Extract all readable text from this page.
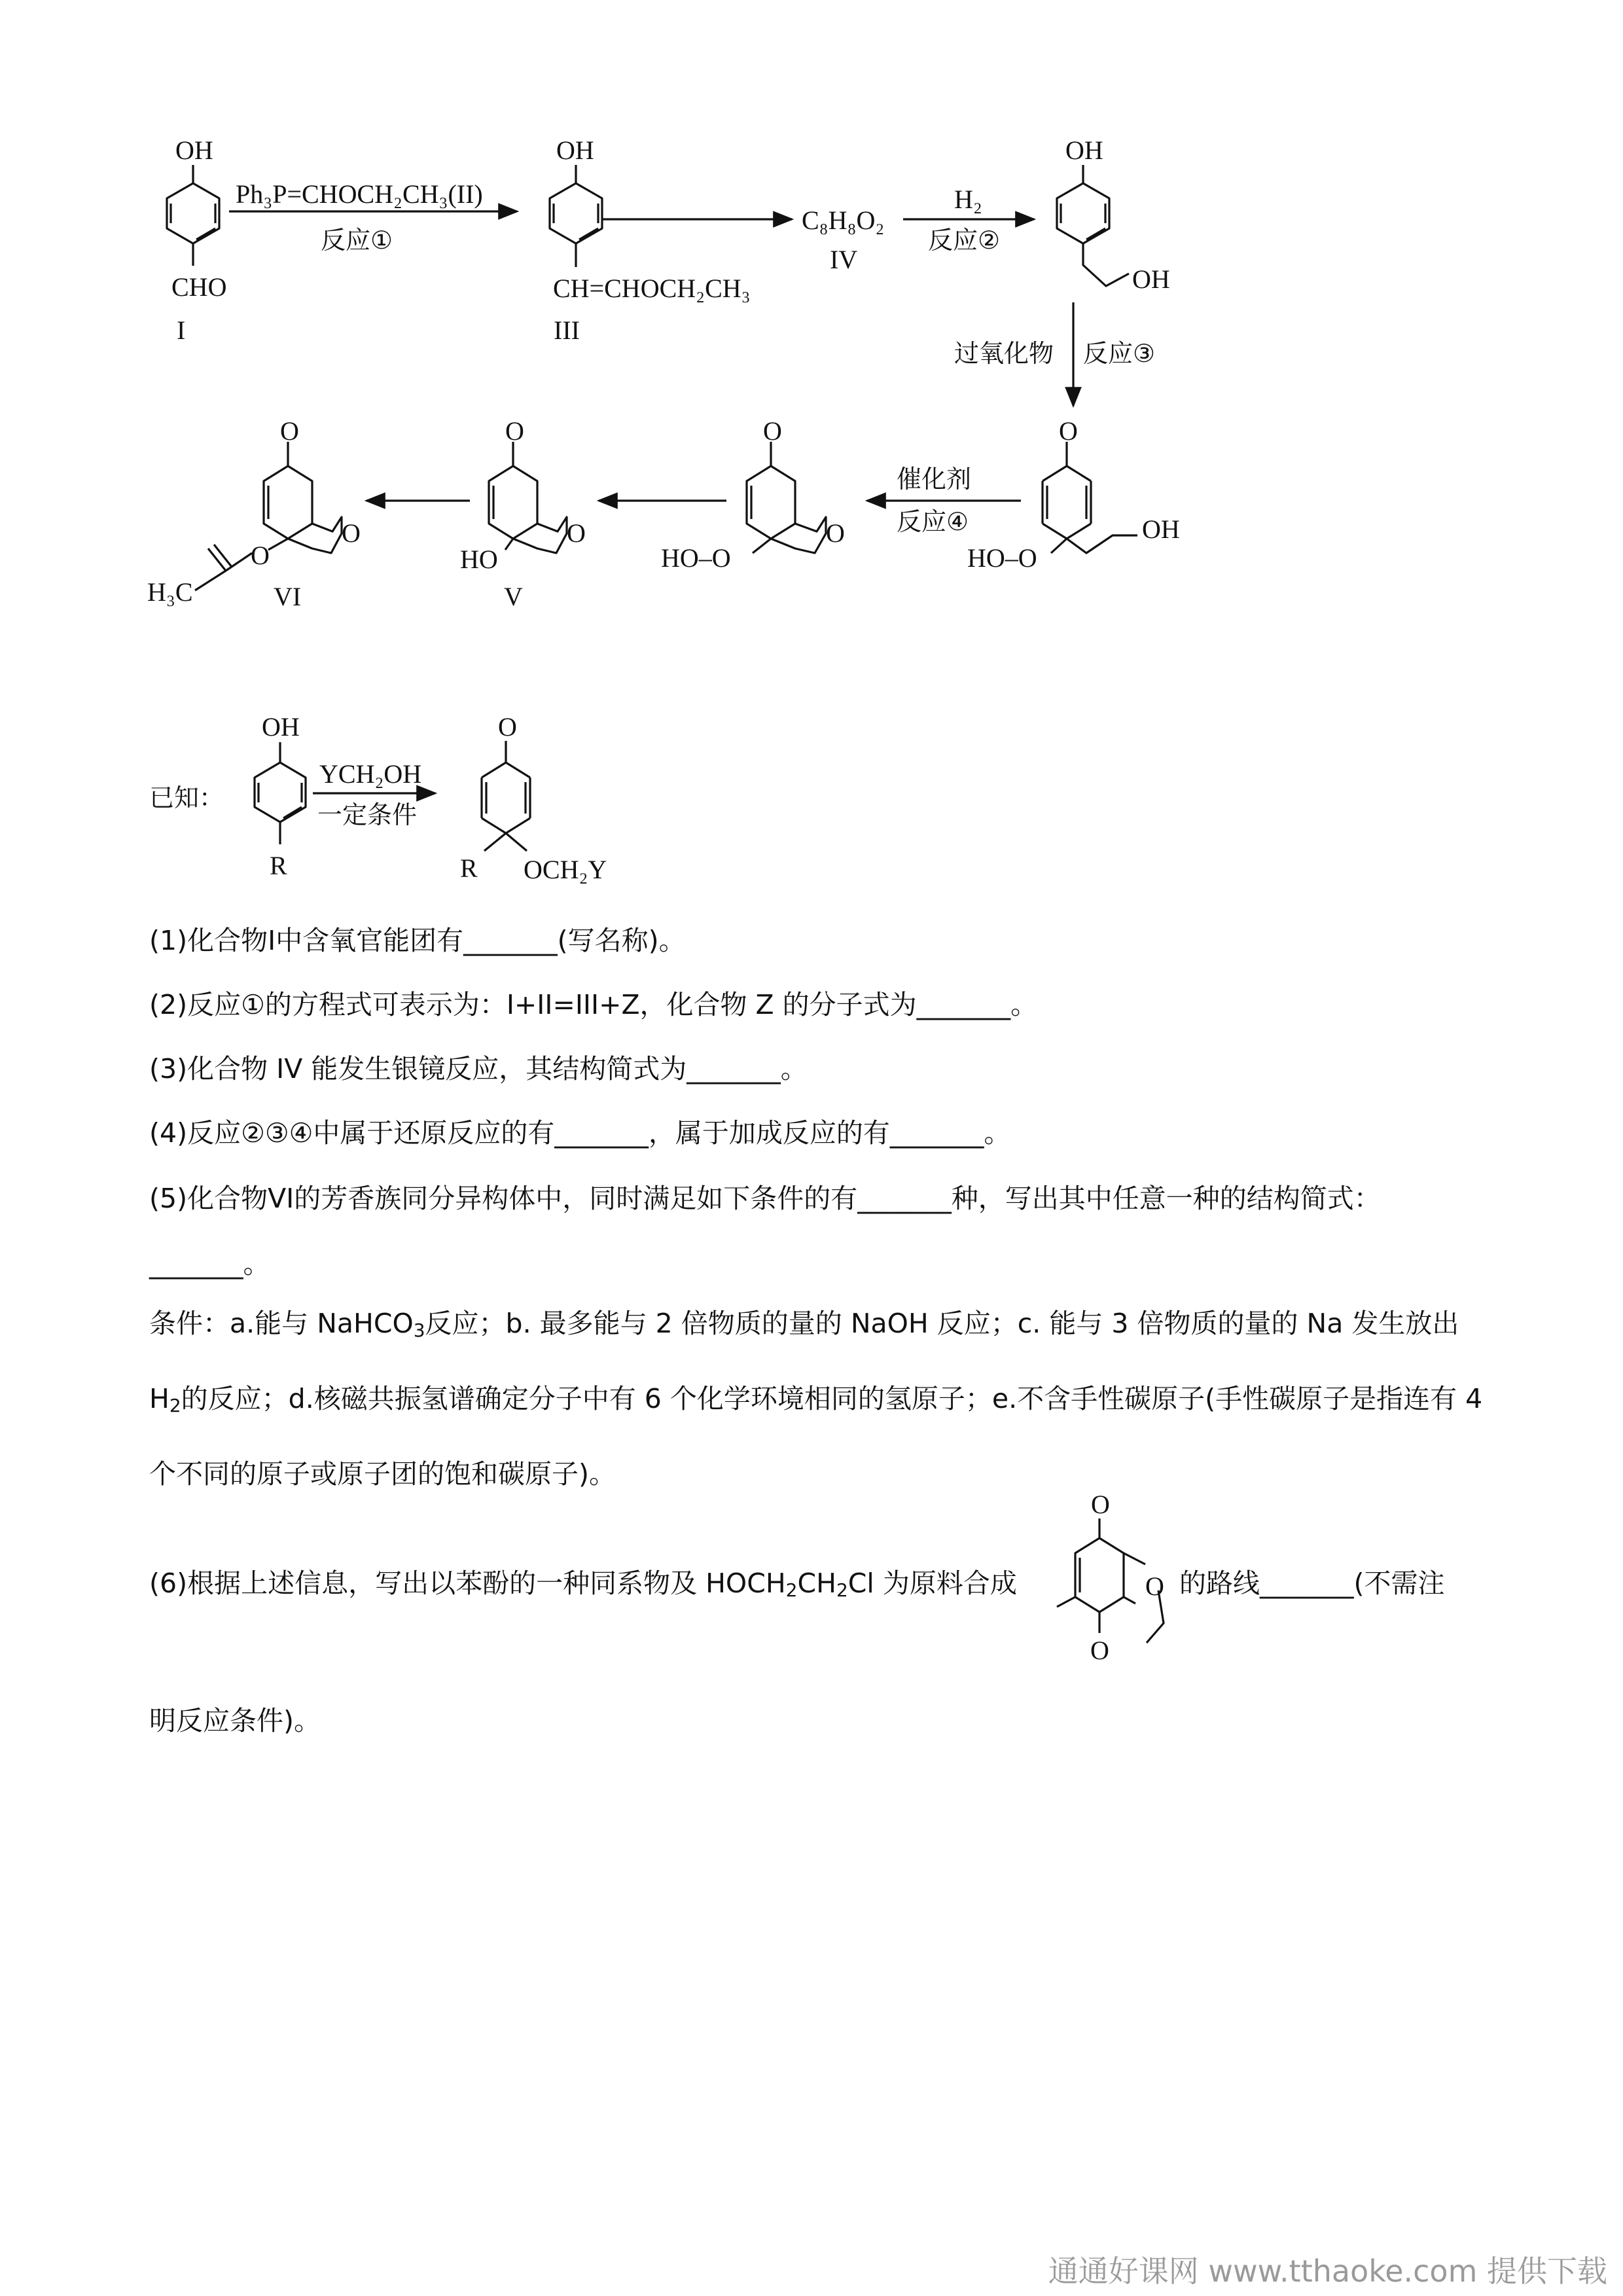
OH
CHO
I
Ph₃P=CHOCH₂CH₃(II)
反应①
OH
CH=CHOCH₂CH₃
III
C₈H₈O₂
IV
H₂
反应②
OH
OH
过氧化物 反应③
O
HO–O
OH
催化剂
反应④
O
O
HO–O
O
O
HO
V
O
O
O
H₃C	VI
已知：
OH
R
YCH₂OH
一定条件
O
R OCH₂Y
O
O
O
(1)化合物I中含氧官能团有_______(写名称)。
(2)反应①的方程式可表示为：I+II=III+Z，化合物 Z 的分子式为_______。
(3)化合物 IV 能发生银镜反应，其结构简式为_______。
(4)反应②③④中属于还原反应的有_______，属于加成反应的有_______。
(5)化合物VI的芳香族同分异构体中，同时满足如下条件的有_______种，写出其中任意一种的结构简式：
_______。
条件：a.能与 NaHCO$_3$反应；b. 最多能与 2 倍物质的量的 NaOH 反应；c. 能与 3 倍物质的量的 Na 发生放出$H_2$的反应；d.核磁共振氢谱确定分子中有 6 个化学环境相同的氢原子；e.不含手性碳原子(手性碳原子是指连有 4 个不同的原子或原子团的饱和碳原子)。
(6)根据上述信息，写出以苯酚的一种同系物及 $HOCH_2CH_2Cl$ 为原料合成	的路线_______(不需注
明反应条件)。
通通好课网 www.tthaoke.com 提供下载
